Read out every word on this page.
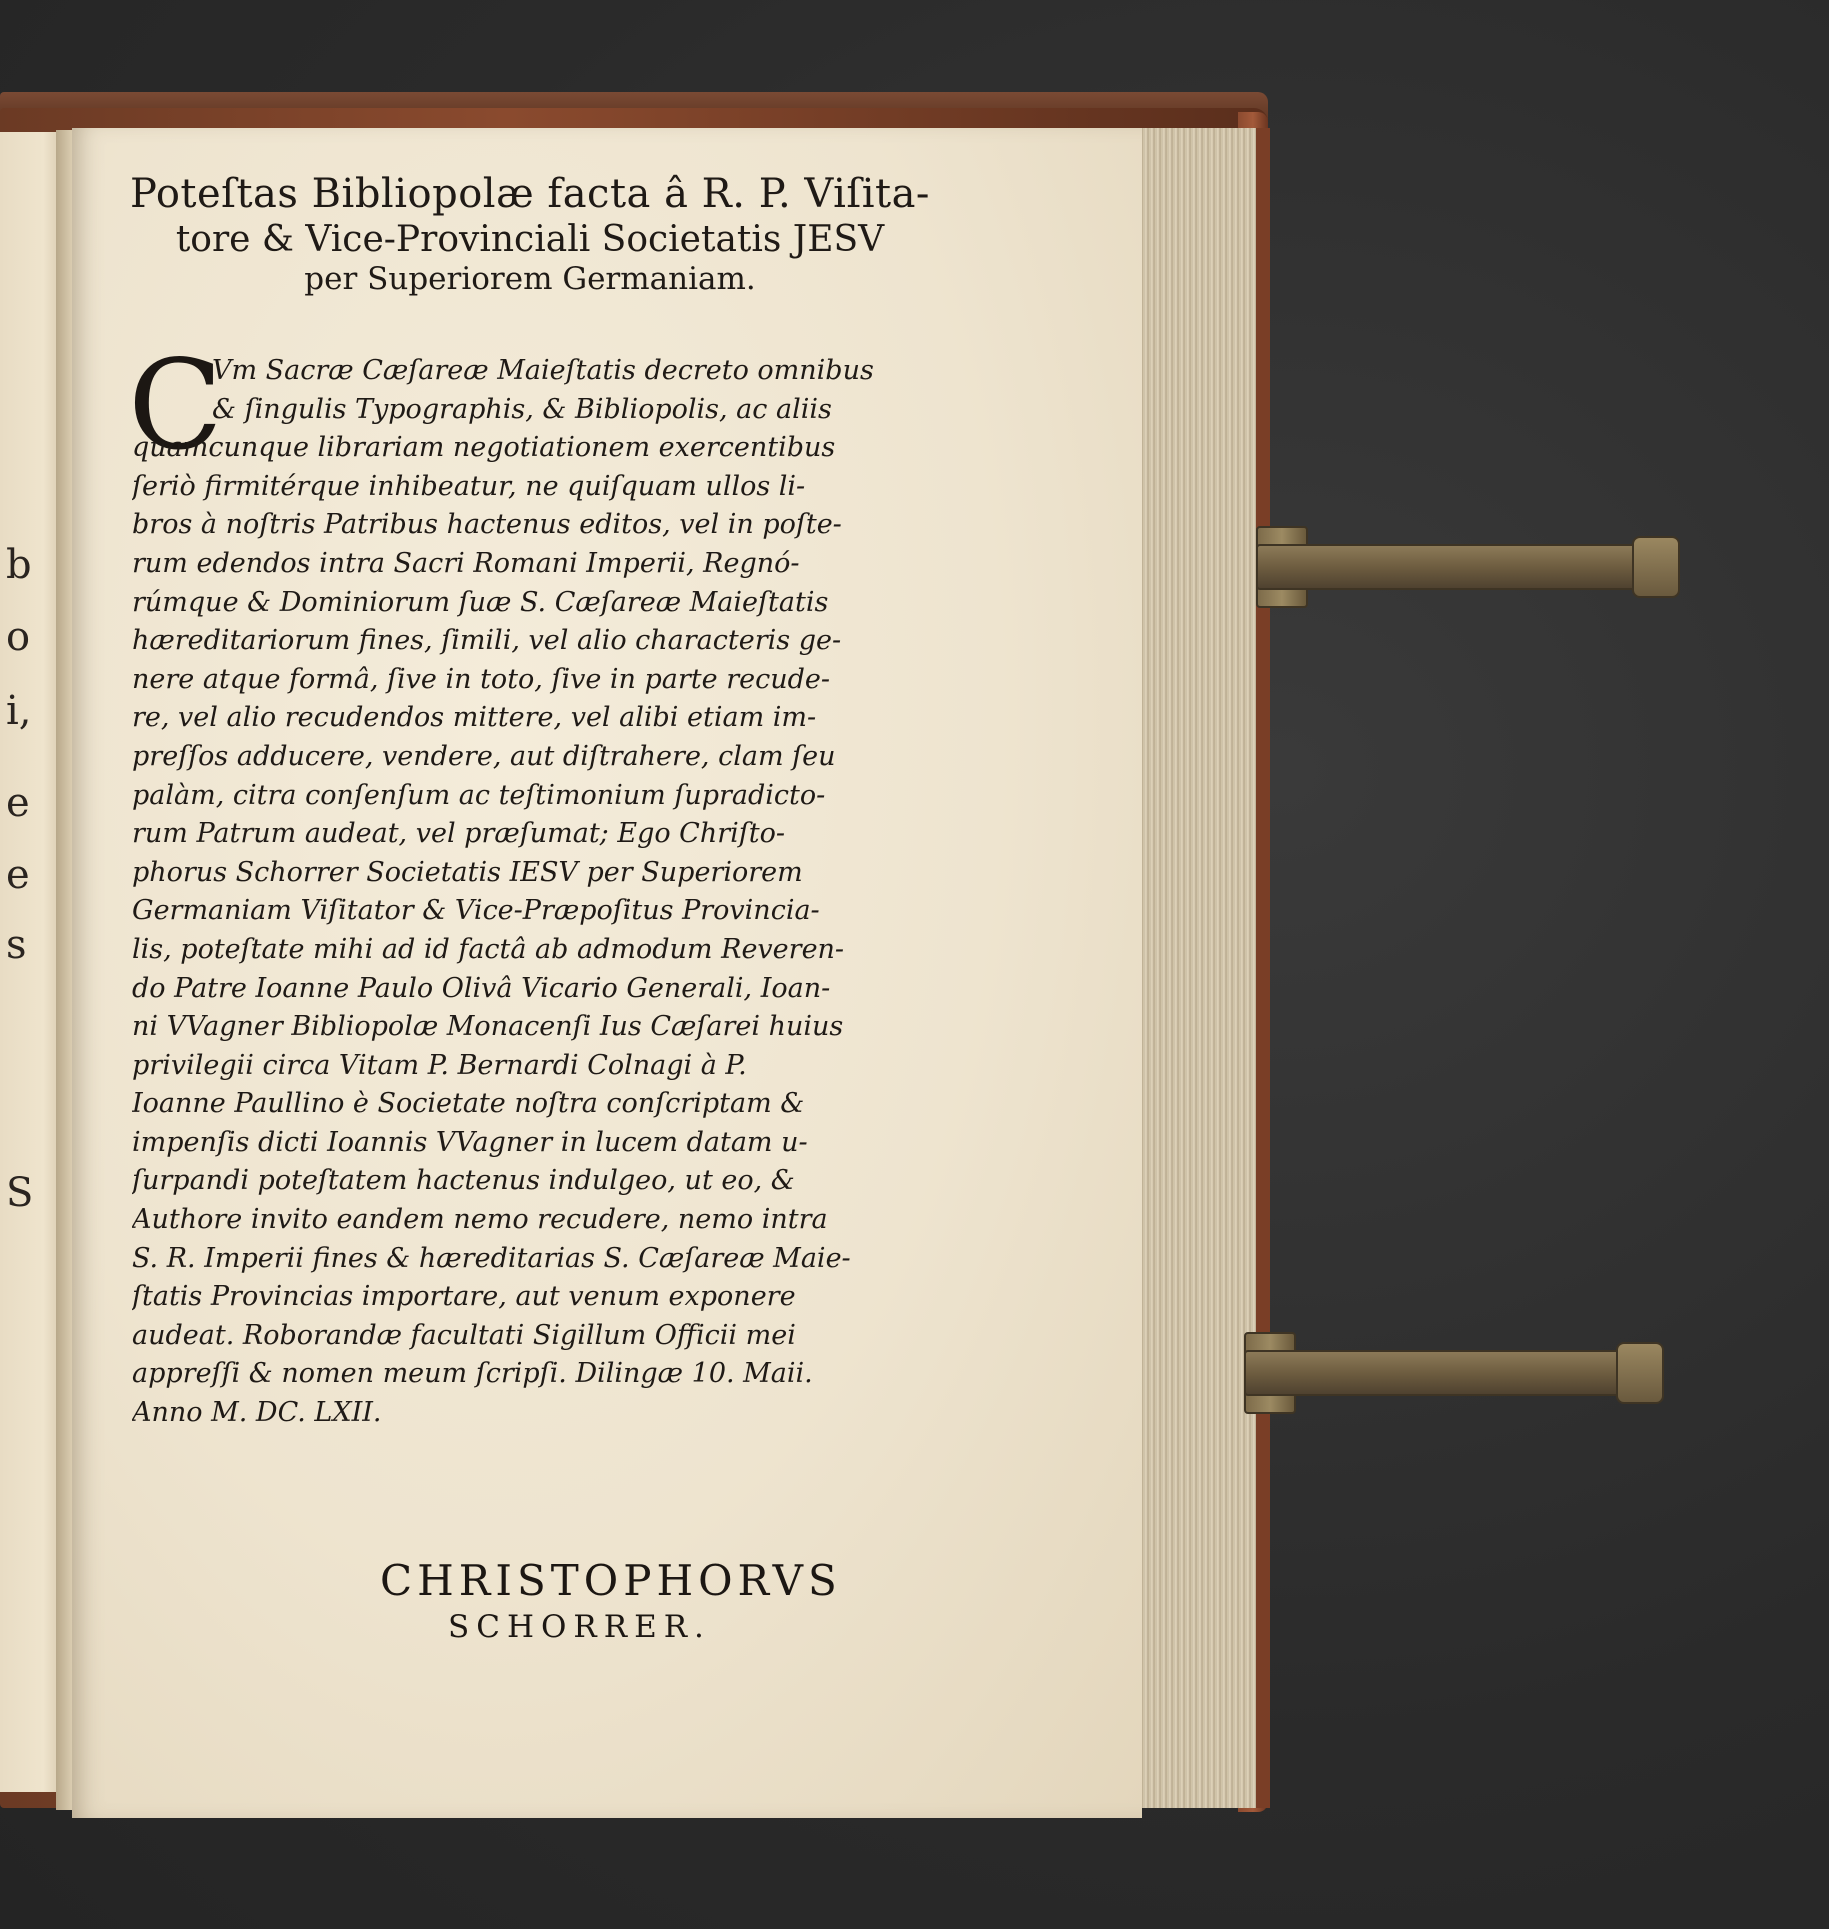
b
o
i,
e
e
s
S
Poteſtas Bibliopolæ facta â R. P. Viſita-
tore & Vice-Provinciali Societatis JESV
per Superiorem Germaniam.
C
Vm Sacræ Cæſareæ Maieſtatis decreto omnibus
& ſingulis Typographis, & Bibliopolis, ac aliis
quamcunque librariam negotiationem exercentibus
ſeriò firmitérque inhibeatur, ne quiſquam ullos li-
bros à noſtris Patribus hactenus editos, vel in poſte-
rum edendos intra Sacri Romani Imperii, Regnó-
rúmque & Dominiorum ſuæ S. Cæſareæ Maieſtatis
hæreditariorum fines, ſimili, vel alio characteris ge-
nere atque formâ, ſive in toto, ſive in parte recude-
re, vel alio recudendos mittere, vel alibi etiam im-
preſſos adducere, vendere, aut diſtrahere, clam ſeu
palàm, citra conſenſum ac teſtimonium ſupradicto-
rum Patrum audeat, vel præſumat; Ego Chriſto-
phorus Schorrer Societatis IESV per Superiorem
Germaniam Viſitator & Vice-Præpoſitus Provincia-
lis, poteſtate mihi ad id factâ ab admodum Reveren-
do Patre Ioanne Paulo Olivâ Vicario Generali, Ioan-
ni VVagner Bibliopolæ Monacenſi Ius Cæſarei huius
privilegii circa Vitam P. Bernardi Colnagi à P.
Ioanne Paullino è Societate noſtra conſcriptam &
impenſis dicti Ioannis VVagner in lucem datam u-
ſurpandi poteſtatem hactenus indulgeo, ut eo, &
Authore invito eandem nemo recudere, nemo intra
S. R. Imperii fines & hæreditarias S. Cæſareæ Maie-
ſtatis Provincias importare, aut venum exponere
audeat. Roborandæ facultati Sigillum Officii mei
appreſſi & nomen meum ſcripſi. Dilingæ 10. Maii.
Anno M. DC. LXII.
CHRISTOPHORVS
SCHORRER.
